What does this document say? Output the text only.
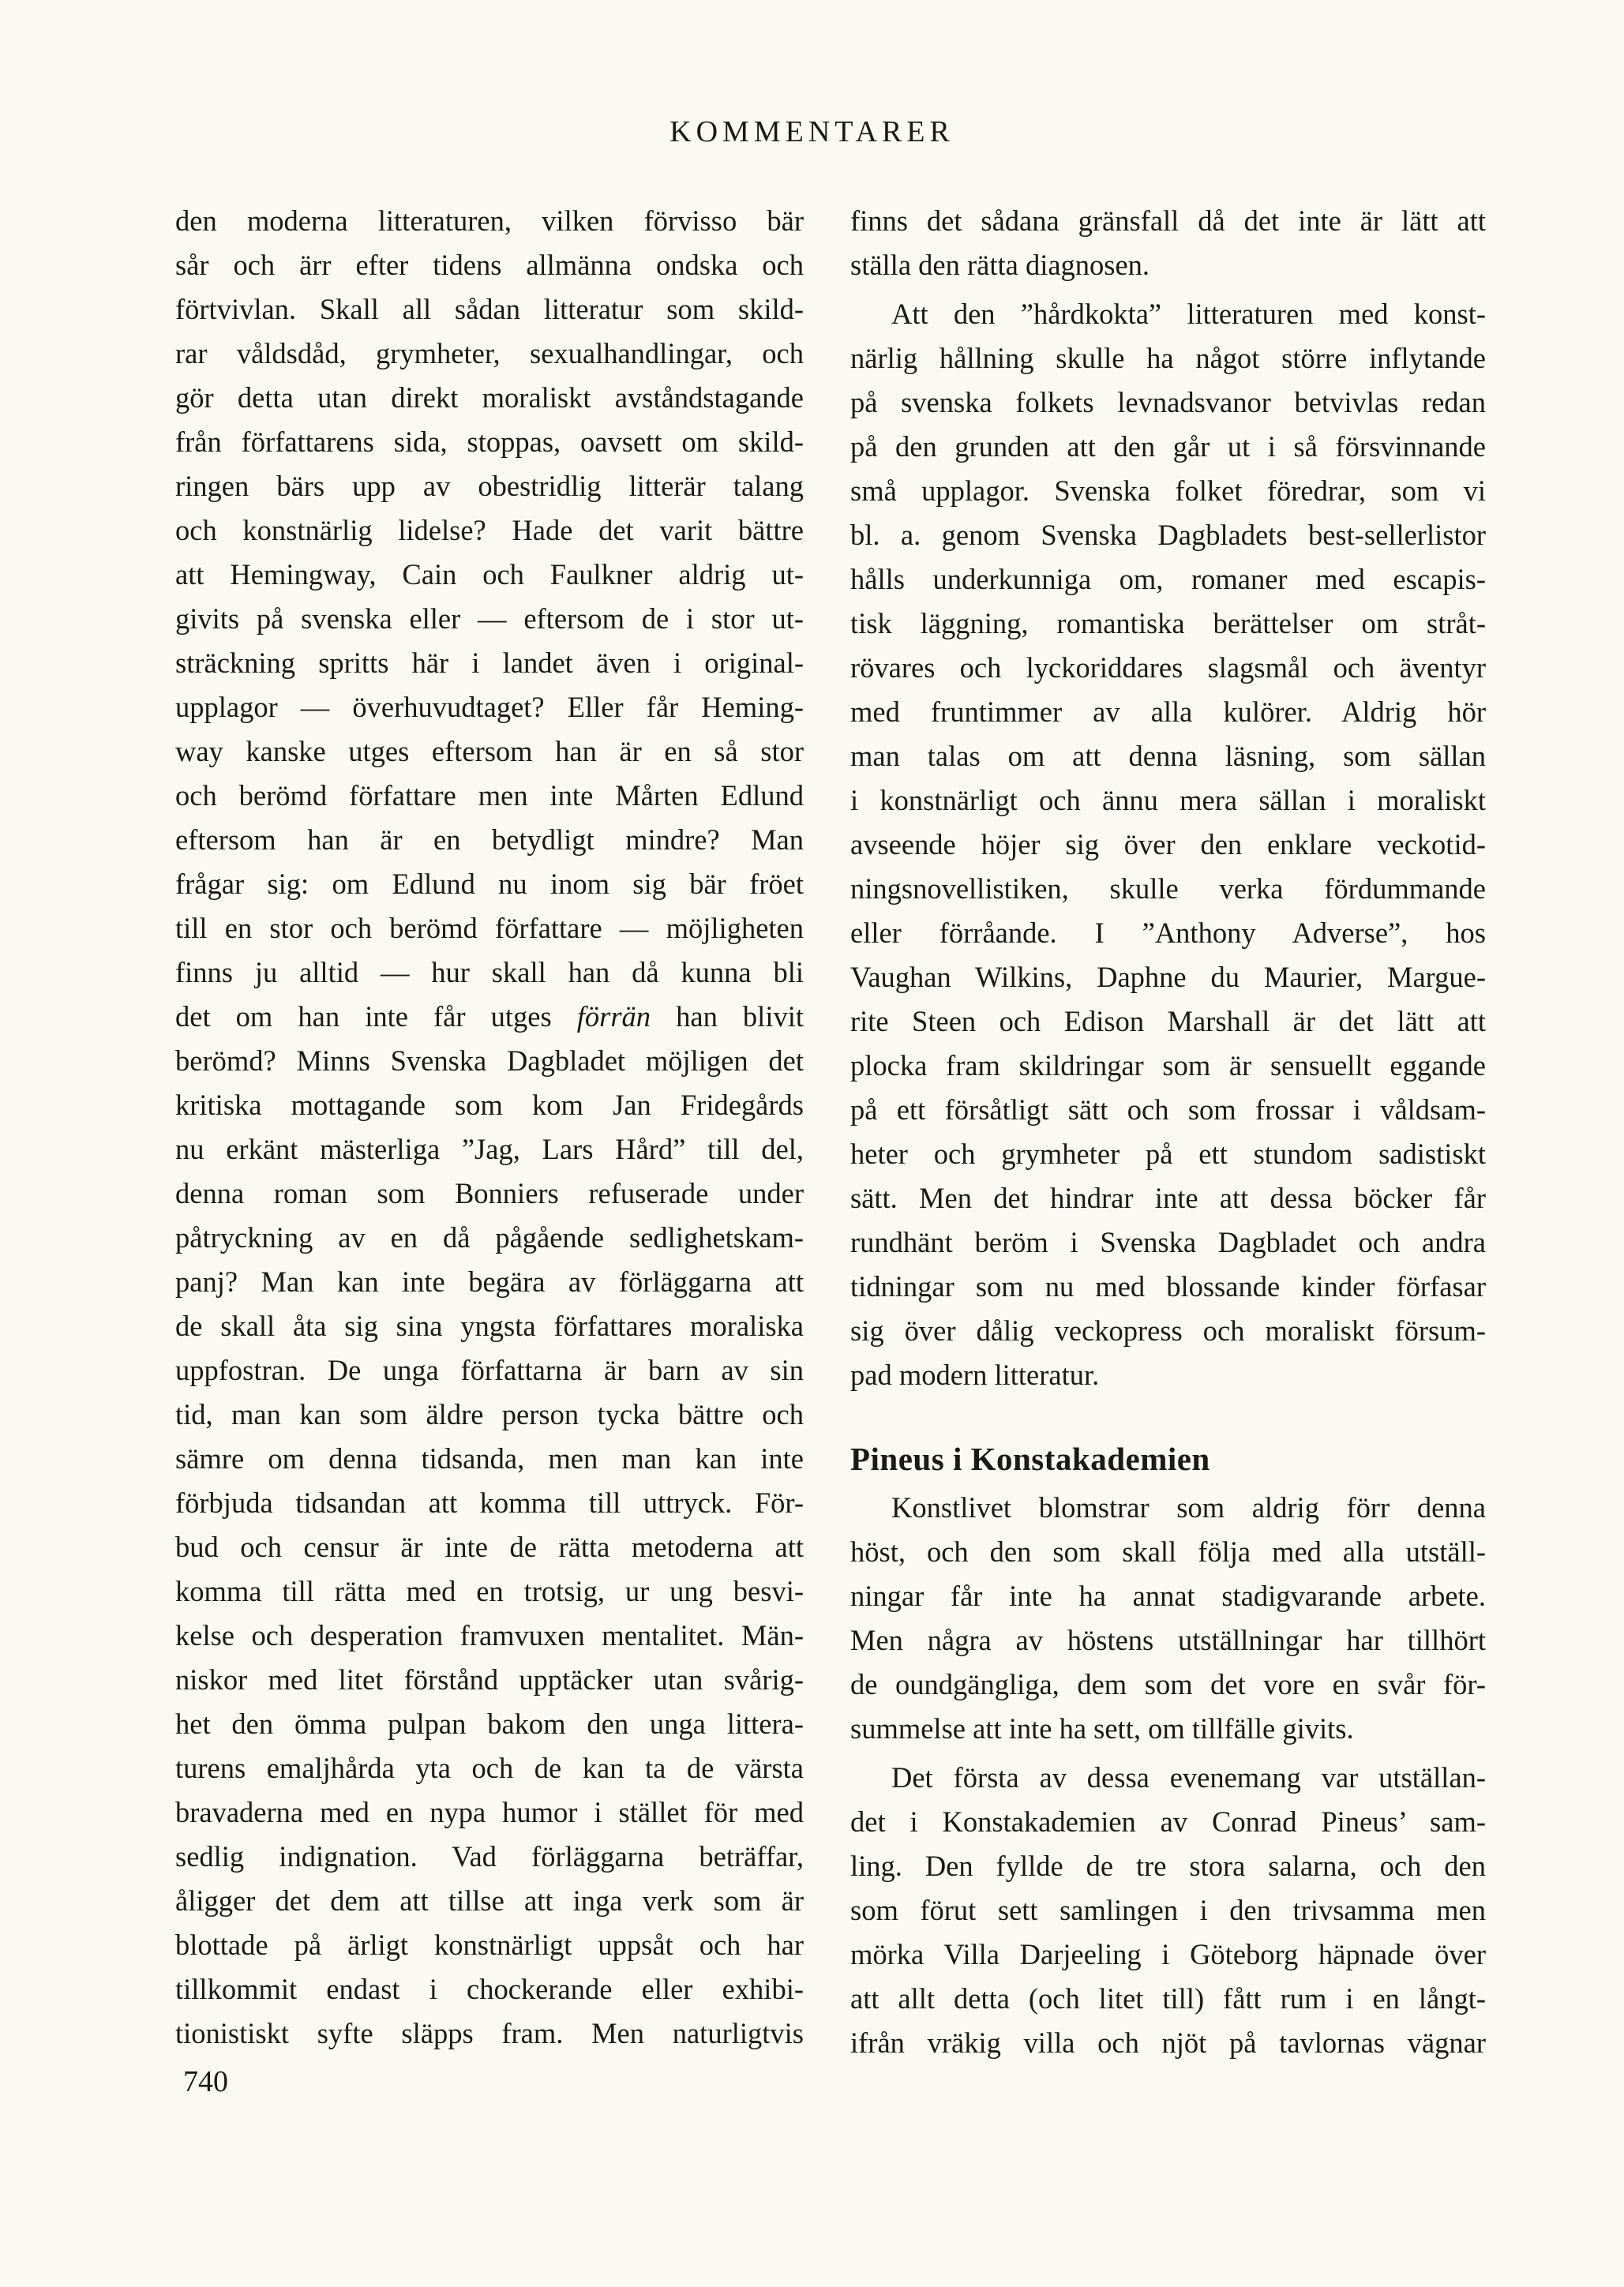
KOMMENTARER
den moderna litteraturen, vilken förvisso bär
sår och ärr efter tidens allmänna ondska och
förtvivlan. Skall all sådan litteratur som skild-
rar våldsdåd, grymheter, sexualhandlingar, och
gör detta utan direkt moraliskt avståndstagande
från författarens sida, stoppas, oavsett om skild-
ringen bärs upp av obestridlig litterär talang
och konstnärlig lidelse? Hade det varit bättre
att Hemingway, Cain och Faulkner aldrig ut-
givits på svenska eller — eftersom de i stor ut-
sträckning spritts här i landet även i original-
upplagor — överhuvudtaget? Eller får Heming-
way kanske utges eftersom han är en så stor
och berömd författare men inte Mårten Edlund
eftersom han är en betydligt mindre? Man
frågar sig: om Edlund nu inom sig bär fröet
till en stor och berömd författare — möjligheten
finns ju alltid — hur skall han då kunna bli
det om han inte får utges förrän han blivit
berömd? Minns Svenska Dagbladet möjligen det
kritiska mottagande som kom Jan Fridegårds
nu erkänt mästerliga ”Jag, Lars Hård” till del,
denna roman som Bonniers refuserade under
påtryckning av en då pågående sedlighetskam-
panj? Man kan inte begära av förläggarna att
de skall åta sig sina yngsta författares moraliska
uppfostran. De unga författarna är barn av sin
tid, man kan som äldre person tycka bättre och
sämre om denna tidsanda, men man kan inte
förbjuda tidsandan att komma till uttryck. För-
bud och censur är inte de rätta metoderna att
komma till rätta med en trotsig, ur ung besvi-
kelse och desperation framvuxen mentalitet. Män-
niskor med litet förstånd upptäcker utan svårig-
het den ömma pulpan bakom den unga littera-
turens emaljhårda yta och de kan ta de värsta
bravaderna med en nypa humor i stället för med
sedlig indignation. Vad förläggarna beträffar,
åligger det dem att tillse att inga verk som är
blottade på ärligt konstnärligt uppsåt och har
tillkommit endast i chockerande eller exhibi-
tionistiskt syfte släpps fram. Men naturligtvis
finns det sådana gränsfall då det inte är lätt att
ställa den rätta diagnosen.
Att den ”hårdkokta” litteraturen med konst-
närlig hållning skulle ha något större inflytande
på svenska folkets levnadsvanor betvivlas redan
på den grunden att den går ut i så försvinnande
små upplagor. Svenska folket föredrar, som vi
bl. a. genom Svenska Dagbladets best-sellerlistor
hålls underkunniga om, romaner med escapis-
tisk läggning, romantiska berättelser om stråt-
rövares och lyckoriddares slagsmål och äventyr
med fruntimmer av alla kulörer. Aldrig hör
man talas om att denna läsning, som sällan
i konstnärligt och ännu mera sällan i moraliskt
avseende höjer sig över den enklare veckotid-
ningsnovellistiken, skulle verka fördummande
eller förråande. I ”Anthony Adverse”, hos
Vaughan Wilkins, Daphne du Maurier, Margue-
rite Steen och Edison Marshall är det lätt att
plocka fram skildringar som är sensuellt eggande
på ett försåtligt sätt och som frossar i våldsam-
heter och grymheter på ett stundom sadistiskt
sätt. Men det hindrar inte att dessa böcker får
rundhänt beröm i Svenska Dagbladet och andra
tidningar som nu med blossande kinder förfasar
sig över dålig veckopress och moraliskt försum-
pad modern litteratur.
Pineus i Konstakademien
Konstlivet blomstrar som aldrig förr denna
höst, och den som skall följa med alla utställ-
ningar får inte ha annat stadigvarande arbete.
Men några av höstens utställningar har tillhört
de oundgängliga, dem som det vore en svår för-
summelse att inte ha sett, om tillfälle givits.
Det första av dessa evenemang var utställan-
det i Konstakademien av Conrad Pineus’ sam-
ling. Den fyllde de tre stora salarna, och den
som förut sett samlingen i den trivsamma men
mörka Villa Darjeeling i Göteborg häpnade över
att allt detta (och litet till) fått rum i en långt-
ifrån vräkig villa och njöt på tavlornas vägnar
740
